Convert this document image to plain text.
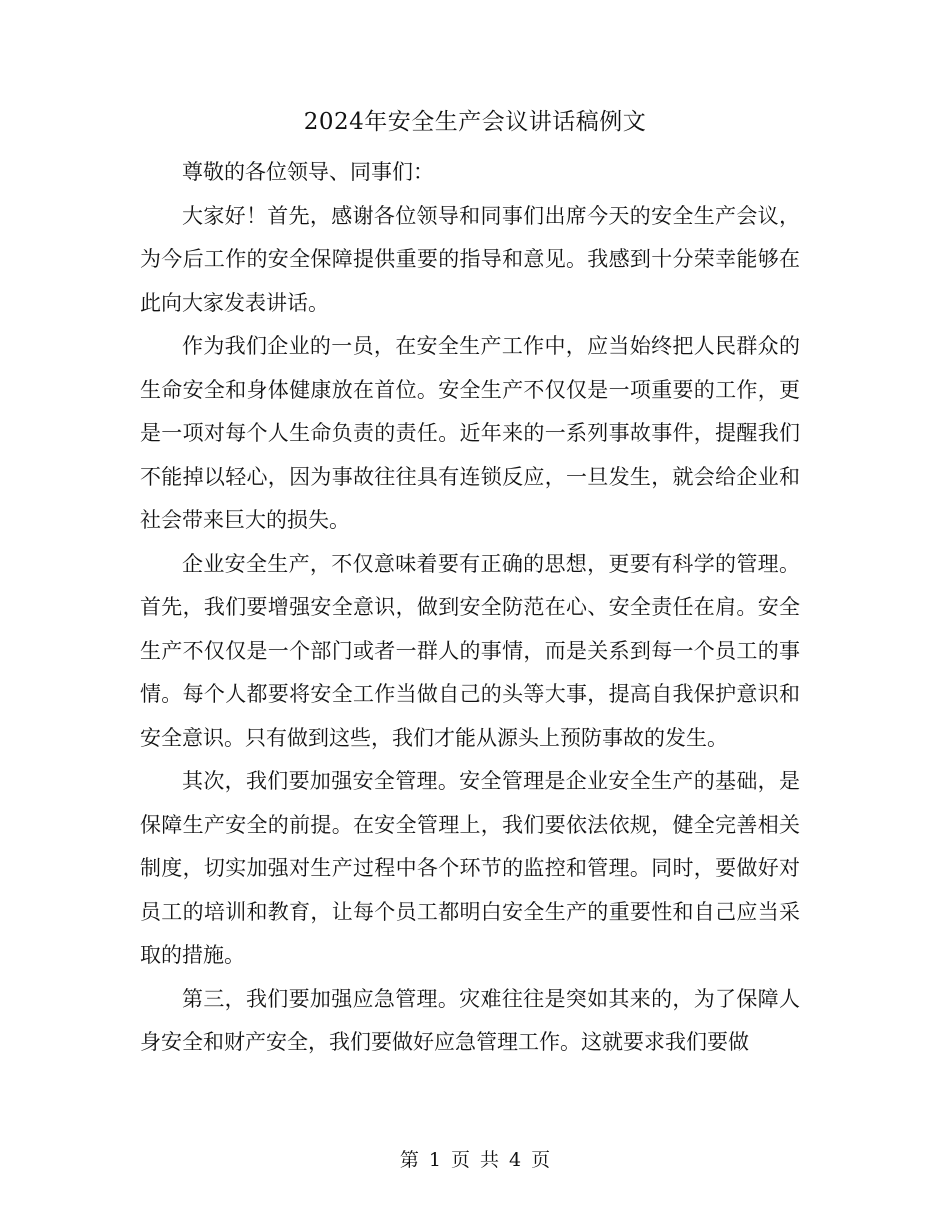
2024年安全生产会议讲话稿例文

尊敬的各位领导、同事们：

大家好！首先，感谢各位领导和同事们出席今天的安全生产会议，为今后工作的安全保障提供重要的指导和意见。我感到十分荣幸能够在此向大家发表讲话。

作为我们企业的一员，在安全生产工作中，应当始终把人民群众的生命安全和身体健康放在首位。安全生产不仅仅是一项重要的工作，更是一项对每个人生命负责的责任。近年来的一系列事故事件，提醒我们不能掉以轻心，因为事故往往具有连锁反应，一旦发生，就会给企业和社会带来巨大的损失。

企业安全生产，不仅意味着要有正确的思想，更要有科学的管理。首先，我们要增强安全意识，做到安全防范在心、安全责任在肩。安全生产不仅仅是一个部门或者一群人的事情，而是关系到每一个员工的事情。每个人都要将安全工作当做自己的头等大事，提高自我保护意识和安全意识。只有做到这些，我们才能从源头上预防事故的发生。

其次，我们要加强安全管理。安全管理是企业安全生产的基础，是保障生产安全的前提。在安全管理上，我们要依法依规，健全完善相关制度，切实加强对生产过程中各个环节的监控和管理。同时，要做好对员工的培训和教育，让每个员工都明白安全生产的重要性和自己应当采取的措施。

第三，我们要加强应急管理。灾难往往是突如其来的，为了保障人身安全和财产安全，我们要做好应急管理工作。这就要求我们要做

第 1 页 共 4 页
